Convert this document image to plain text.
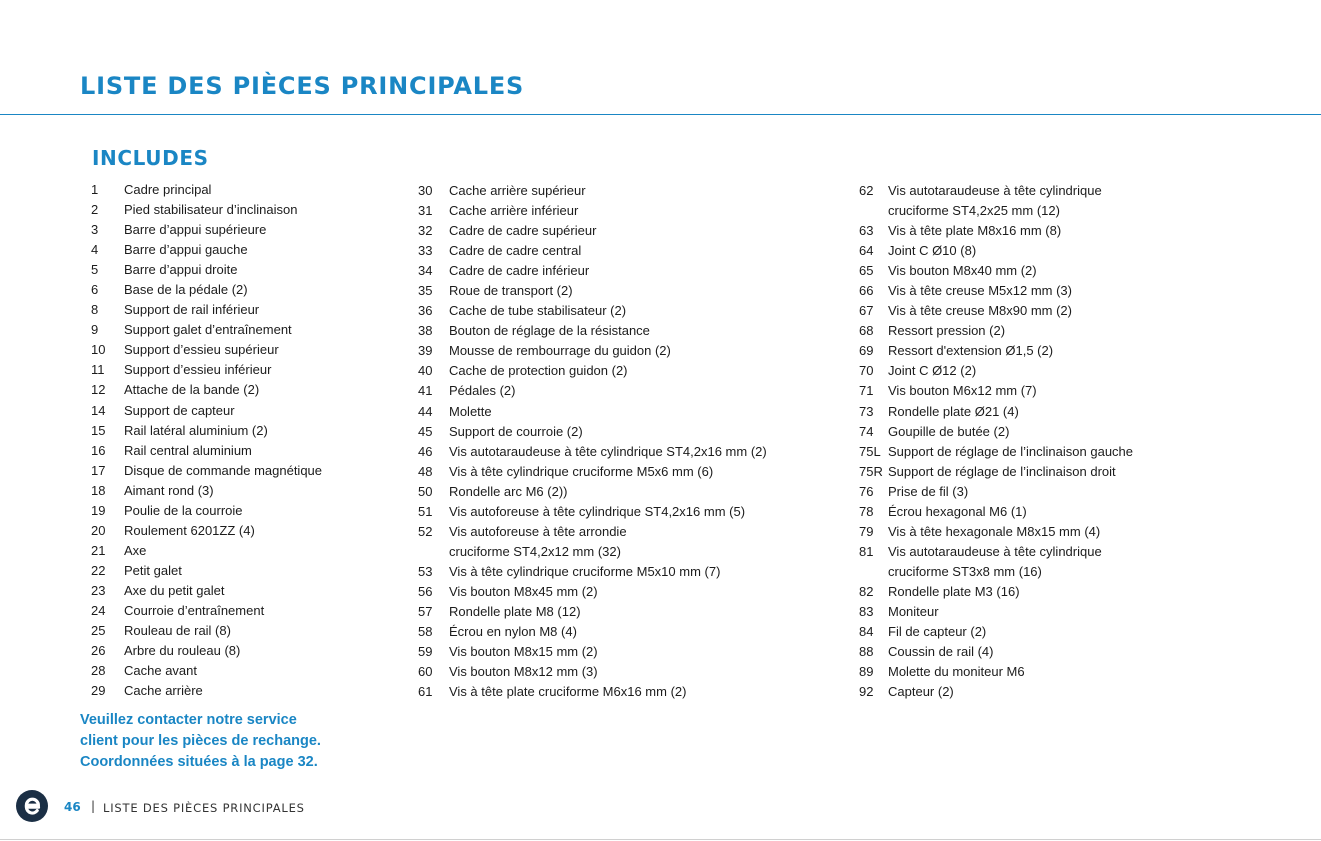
LISTE DES PIÈCES PRINCIPALES
INCLUDES
1	Cadre principal
2	Pied stabilisateur d’inclinaison
3	Barre d’appui supérieure
4	Barre d’appui gauche
5	Barre d’appui droite
6	Base de la pédale (2)
8	Support de rail inférieur
9	Support galet d’entraînement
10	Support d’essieu supérieur
11	Support d’essieu inférieur
12	Attache de la bande (2)
14	Support de capteur
15	Rail latéral aluminium (2)
16	Rail central aluminium
17	Disque de commande magnétique
18	Aimant rond (3)
19	Poulie de la courroie
20	Roulement 6201ZZ (4)
21	Axe
22	Petit galet
23	Axe du petit galet
24	Courroie d’entraînement
25	Rouleau de rail (8)
26	Arbre du rouleau (8)
28	Cache avant
29	Cache arrière
30	Cache arrière supérieur
31	Cache arrière inférieur
32	Cadre de cadre supérieur
33	Cadre de cadre central
34	Cadre de cadre inférieur
35	Roue de transport (2)
36	Cache de tube stabilisateur (2)
38	Bouton de réglage de la résistance
39	Mousse de rembourrage du guidon (2)
40	Cache de protection guidon (2)
41	Pédales (2)
44	Molette
45	Support de courroie (2)
46	Vis autotaraudeuse à tête cylindrique ST4,2x16 mm (2)
48	Vis à tête cylindrique cruciforme M5x6 mm (6)
50	Rondelle arc M6 (2))
51	Vis autoforeuse à tête cylindrique ST4,2x16 mm (5)
52	Vis autoforeuse à tête arrondie
cruciforme ST4,2x12 mm (32)
53	Vis à tête cylindrique cruciforme M5x10 mm (7)
56	Vis bouton M8x45 mm (2)
57	Rondelle plate M8 (12)
58	Écrou en nylon M8 (4)
59	Vis bouton M8x15 mm (2)
60	Vis bouton M8x12 mm (3)
61	Vis à tête plate cruciforme M6x16 mm (2)
62	Vis autotaraudeuse à tête cylindrique
cruciforme ST4,2x25 mm (12)
63	Vis à tête plate M8x16 mm (8)
64	Joint C Ø10 (8)
65	Vis bouton M8x40 mm (2)
66	Vis à tête creuse M5x12 mm (3)
67	Vis à tête creuse M8x90 mm (2)
68	Ressort pression (2)
69	Ressort d'extension Ø1,5 (2)
70	Joint C Ø12 (2)
71	Vis bouton M6x12 mm (7)
73	Rondelle plate Ø21 (4)
74	Goupille de butée (2)
75L Support de réglage de l’inclinaison gauche
75R Support de réglage de l’inclinaison droit
76	Prise de fil (3)
78	Écrou hexagonal M6 (1)
79	Vis à tête hexagonale M8x15 mm (4)
81	Vis autotaraudeuse à tête cylindrique
cruciforme ST3x8 mm (16)
82	Rondelle plate M3 (16)
83	Moniteur
84	Fil de capteur (2)
88	Coussin de rail (4)
89	Molette du moniteur M6
92	Capteur (2)
Veuillez contacter notre service
client pour les pièces de rechange.
Coordonnées situées à la page 32.
46 | LISTE DES PIÈCES PRINCIPALES
